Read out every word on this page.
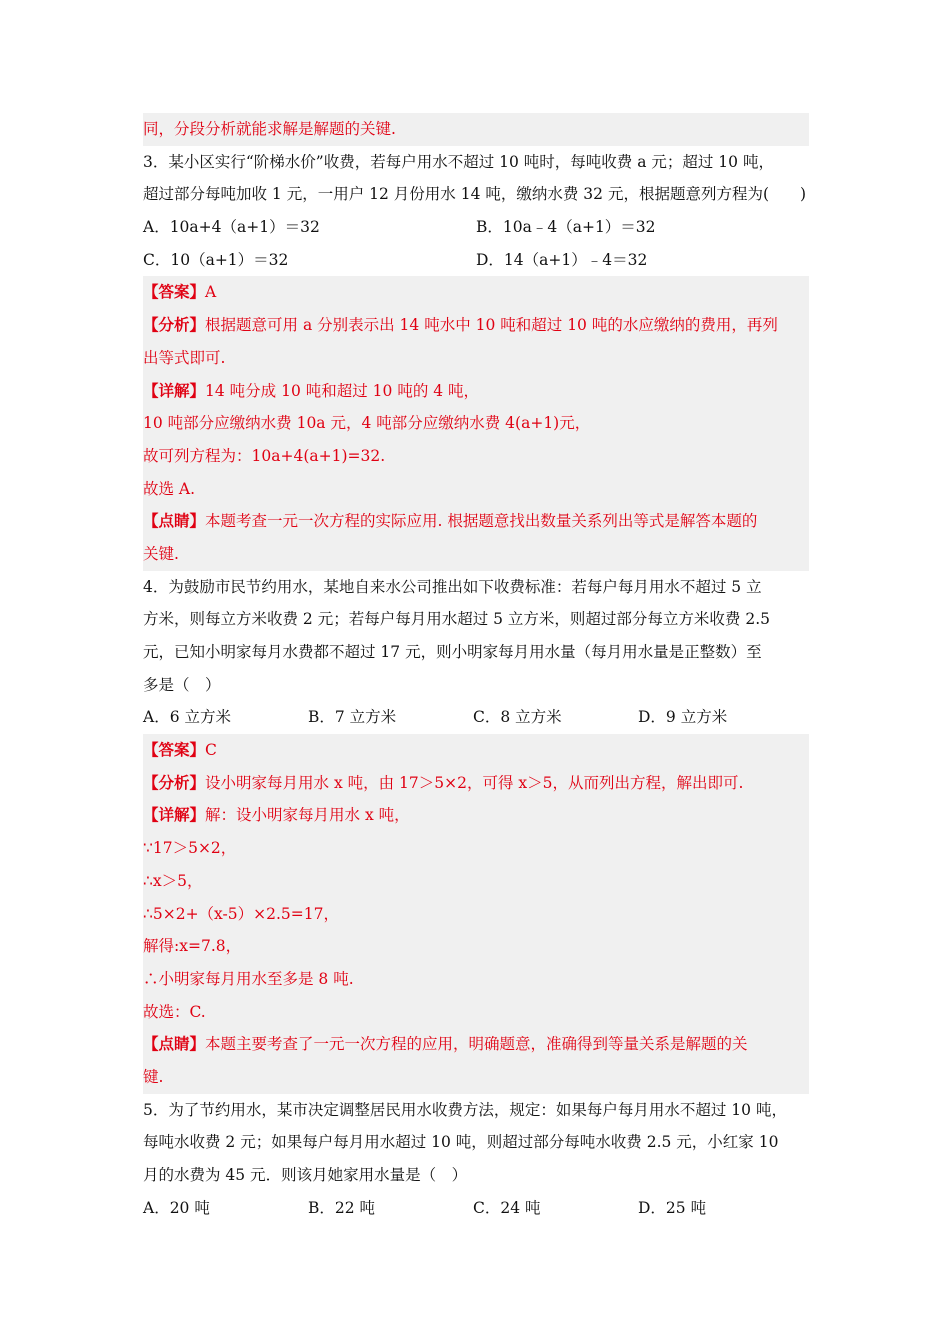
同，分段分析就能求解是解题的关键.
3．某小区实行“阶梯水价”收费，若每户用水不超过 10 吨时，每吨收费 a 元；超过 10 吨，
超过部分每吨加收 1 元，一用户 12 月份用水 14 吨，缴纳水费 32 元，根据题意列方程为(　　)
A．10a+4（a+1）＝32	B．10a﹣4（a+1）＝32
C．10（a+1）＝32	D．14（a+1）﹣4＝32
【答案】A
【分析】根据题意可用 a 分别表示出 14 吨水中 10 吨和超过 10 吨的水应缴纳的费用，再列
出等式即可.
【详解】14 吨分成 10 吨和超过 10 吨的 4 吨，
10 吨部分应缴纳水费 10a 元，4 吨部分应缴纳水费 4(a+1)元，
故可列方程为：10a+4(a+1)=32.
故选 A.
【点睛】本题考查一元一次方程的实际应用. 根据题意找出数量关系列出等式是解答本题的
关键.
4．为鼓励市民节约用水，某地自来水公司推出如下收费标准：若每户每月用水不超过 5 立
方米，则每立方米收费 2 元；若每户每月用水超过 5 立方米，则超过部分每立方米收费 2.5
元，已知小明家每月水费都不超过 17 元，则小明家每月用水量（每月用水量是正整数）至
多是（　）
A．6 立方米	B．7 立方米	C．8 立方米	D．9 立方米
【答案】C
【分析】设小明家每月用水 x 吨，由 17＞5×2，可得 x＞5，从而列出方程，解出即可.
【详解】解：设小明家每月用水 x 吨，
∵17＞5×2，
∴x＞5，
∴5×2+（x-5）×2.5=17，
解得:x=7.8，
∴小明家每月用水至多是 8 吨.
故选：C.
【点睛】本题主要考查了一元一次方程的应用，明确题意，准确得到等量关系是解题的关
键.
5．为了节约用水，某市决定调整居民用水收费方法，规定：如果每户每月用水不超过 10 吨，
每吨水收费 2 元；如果每户每月用水超过 10 吨，则超过部分每吨水收费 2.5 元，小红家 10
月的水费为 45 元．则该月她家用水量是（　）
A．20 吨	B．22 吨	C．24 吨	D．25 吨
